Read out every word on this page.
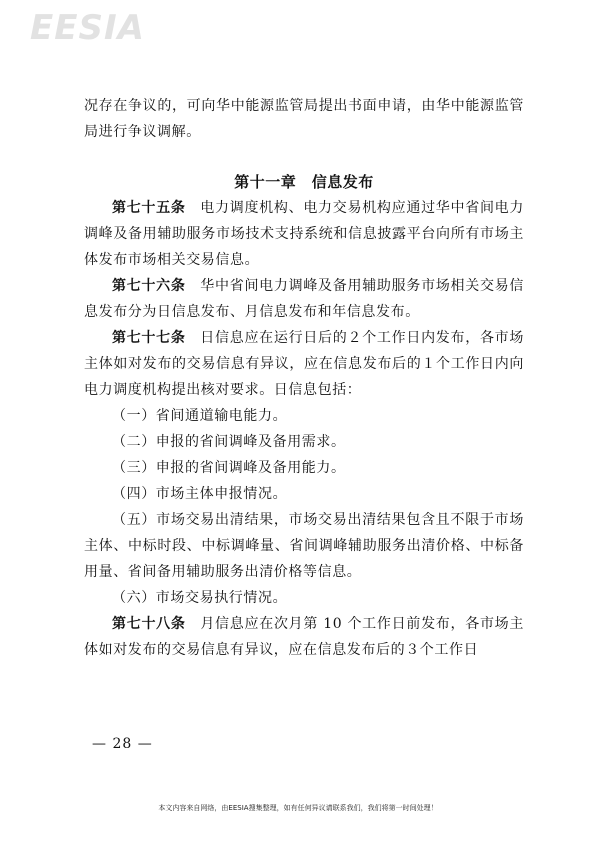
EESIA

况存在争议的，可向华中能源监管局提出书面申请，由华中能源监管局进行争议调解。

第十一章　信息发布

第七十五条　电力调度机构、电力交易机构应通过华中省间电力调峰及备用辅助服务市场技术支持系统和信息披露平台向所有市场主体发布市场相关交易信息。

第七十六条　华中省间电力调峰及备用辅助服务市场相关交易信息发布分为日信息发布、月信息发布和年信息发布。

第七十七条　日信息应在运行日后的２个工作日内发布，各市场主体如对发布的交易信息有异议，应在信息发布后的１个工作日内向电力调度机构提出核对要求。日信息包括：

（一）省间通道输电能力。

（二）申报的省间调峰及备用需求。

（三）申报的省间调峰及备用能力。

（四）市场主体申报情况。

（五）市场交易出清结果，市场交易出清结果包含且不限于市场主体、中标时段、中标调峰量、省间调峰辅助服务出清价格、中标备用量、省间备用辅助服务出清价格等信息。

（六）市场交易执行情况。

第七十八条　月信息应在次月第 10 个工作日前发布，各市场主体如对发布的交易信息有异议，应在信息发布后的３个工作日

— 28 —
本文内容来自网络，由EESIA搜集整理，如有任何异议请联系我们，我们将第一时间处理！
